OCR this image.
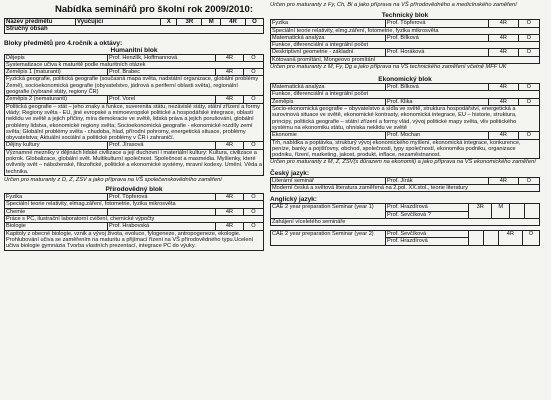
Nabídka seminářů pro školní rok 2009/2010:
Název předmětu	Vyučující	X	3R	M	4R	O
Stručný obsah
Bloky předmětů pro 4.ročník a oktávy:
Humanitní blok
Dějepis	Prof. Henzlík, Hoffmannová	4R	O
Systematizace učiva k maturitě podle maturitních otázek			
Zeměpis 1 (maturanti)	Prof. Brabec	4R	O
Fyzická geografie, politická geografie (současná mapa světa, nadstátní organizace, globální problémy Země), socioekonomická geografie (obyvatelstvo, jádrová a periferní oblasti světa), regionální geografie (vybrané státy, regiony ČR)			
Zeměpis 2 (nematuranti)	Prof. Vorel	4R	O
Politická geografie – stát – jeho znaky a funkce, suverenita státu, nezávislé státy, státní zřízení a formy vlády; Regiony světa - EU, jiné evropské a mimoevropské politické a hospodářské integrace, oblasti neklidu ve světě a jejich příčiny, míra demokracie ve světě, lidská práva a jejich porušování, globální problémy lidstva, ekonomické regiony světa; Socioekonomická geografie - ekonomické rozdíly zemí světa; Globální problémy světa - chudoba, hlad, přírodní pohromy, energetická situace, problémy obyvatelstva; Aktuální sociální a politické problémy v ČR i zahraničí.			
Dějiny kultury	Prof. Jírasová	4R	O
Významné mezníky v dějinách lidské civilizace a její duchovní i materiální kultury: Kultura, civilizace a pokrok. Globalizace, globální svět. Multikulturní společnost. Společnost a masmédia. Myšlenky, které ovlivnily svět – náboženské, filozofické, politické a ekonomické systémy, mravní kodexy. Umění. Věda a technika.			
Určen pro maturanty z D, Z, ZSV a jako příprava na VŠ společenskovědního zaměření
Přírodovědný blok
Fyzika	Prof. Töpferová	4R	O
Speciální teorie relativity, elmag.záření, fotometrie, fyzika mikrosvěta			
Chemie		4R	O
Práce s PC, ilustrační laboratorní cvičení, chemické výpočty			
Biologie	Prof. Hrabovská	4R	O
Kapitoly z obecné biologie, vznik a vývoj života, evoluce, fylogeneze, antropogeneze, ekologie. Prohlubování učiva se zaměřením na maturitu a přijímací řízení na VŠ přírodovědného typu.Ucelení učiva biologie gymnázia Tvorba vlastních prezentací, integrace PC do výuky.			
Určen pro maturanty z Fy, Ch, Bi a jako příprava na VŠ přírodovědného a medicínského zaměření
Technický blok
Fyzika	Prof. Töpferová	4R	O
Speciální teorie relativity, elmg.záření, fotometrie, fyzika mikrosvěta			
Matematická analýza	Prof. Bílková	4R	O
Funkce, diferenciální a integrální počet			
Deskriptivní geometrie - základní	Prof. Horáková	4R	O
Kótovaná promítání, Mongeovo promítání			
Určen pro maturanty z M, Fy, Dg a jako příprava na VŠ technického zaměření včetně MFF UK
Ekonomický blok
Matematická analýza	Prof. Bílková	4R	O
Funkce, diferenciální a integrální počet			
Zeměpis	Prof. Klika	4R	O
Socio-ekonomická geografie – obyvatelstvo a sídla ve světě, struktura hospodářství, energetická a surovinová situace ve světě, ekonomické kontrasty, ekonomická integrace, EU – historie, struktura, principy, politická geografie – státní zřízení a formy vlád, vývoj politické mapy světa, vliv politického systému na ekonomiku státu, ohniska neklidu ve světě			
Ekonomie	Prof. Mochan	4R	O
Trh, nabídka a poptávka, strukturý vývoj ekonomického myšlení, ekonomická integrace, konkurence, peníze, banky a pojišťovny, obchod, společnosti, typy společností, ekonomika podniku, organizace podniku, řízení, marketing, jakost, produkt, inflace, nezaměstnanost.			
Určen pro maturanty z M, Z, ZSV(s důrazem na ekonomii) a jako příprava na VŠ ekonomického zaměření
Český jazyk:
Literární seminář	Prof. Jírák	4R	O
Moderní česká a světová literatura zaměřená na 2.pol. XX.stol., teorie literatury
Anglický jazyk:
CAE 2 year preparation Seminar (year 1)	Prof. Hrazdírová	3R	M		
Prof. Ševčíková ?
Zahájení víceletého semináře
CAE 2 year preparation Seminar (year 2)	Prof. Ševčíková			4R	O
Prof. Hrazdírová
